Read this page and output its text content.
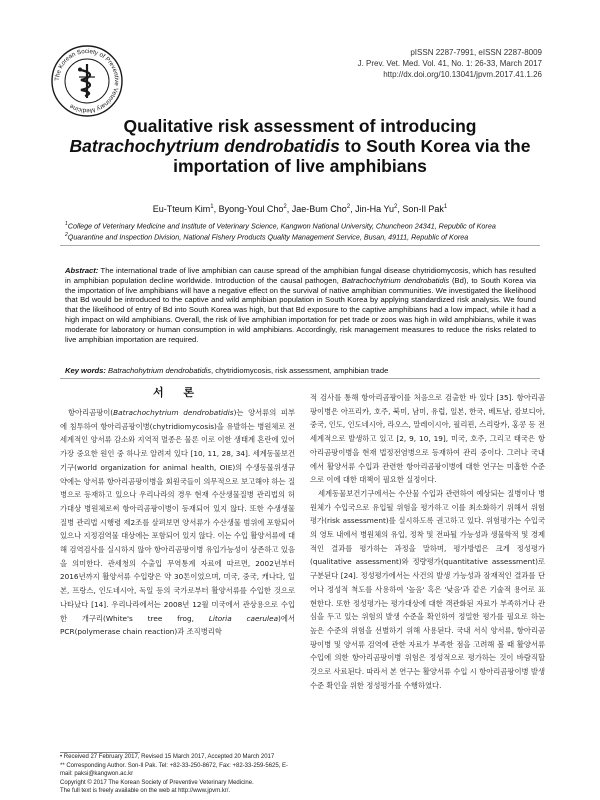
The Korean Society of Preventive Veterinary Medicine
pISSN 2287-7991, eISSN 2287-8009
J. Prev. Vet. Med. Vol. 41, No. 1: 26-33, March 2017
http://dx.doi.org/10.13041/jpvm.2017.41.1.26
Qualitative risk assessment of introducing Batrachochytrium dendrobatidis to South Korea via the importation of live amphibians
Eu-Tteum Kim$^1$, Byong-Youl Cho$^2$, Jae-Bum Cho$^2$, Jin-Ha Yu$^2$, Son-Il Pak$^1$
$^1$College of Veterinary Medicine and Institute of Veterinary Science, Kangwon National University, Chuncheon 24341, Republic of Korea
$^2$Quarantine and Inspection Division, National Fishery Products Quality Management Service, Busan, 49111, Republic of Korea
Abstract: The international trade of live amphibian can cause spread of the amphibian fungal disease chytridiomycosis, which has resulted in amphibian population decline worldwide. Introduction of the causal pathogen, Batrachochytrium dendrobatidis (Bd), to South Korea via the importation of live amphibians will have a negative effect on the survival of native amphibian communities. We investigated the likelihood that Bd would be introduced to the captive and wild amphibian population in South Korea by applying standardized risk analysis. We found that the likelihood of entry of Bd into South Korea was high, but that Bd exposure to the captive amphibians had a low impact, while it had a high impact on wild amphibians. Overall, the risk of live amphibian importation for pet trade or zoos was high in wild amphibians, while it was moderate for laboratory or human consumption in wild amphibians. Accordingly, risk management measures to reduce the risks related to live amphibian importation are required.
Key words: Batrachohytrium dendrobatidis, chytridiomycosis, risk assessment, amphibian trade
서 론

항아리곰팡이(Batrachochytrium dendrobatidis)는 양서류의 피부에 침투하여 항아리곰팡이병(chytridiomycosis)을 유발하는 병원체로 전 세계적인 양서류 감소와 지역적 멸종은 물론 이로 이한 생태계 혼란에 있어 가장 중요한 원인 중 하나로 알려져 있다 [10, 11, 28, 34]. 세계동물보건기구(world organization for animal health, OIE)의 수생동물위생규약에는 양서류 항아리곰팡이병을 회원국들이 의무적으로 보고해야 하는 질병으로 등재하고 있으나 우리나라의 경우 현재 수산생물질병 관리법의 허가대상 병원체로써 항아리곰팡이병이 등재되어 있지 않다. 또한 수생생물질병 관리법 시행령 제2조를 살펴보면 양서류가 수산생물 범위에 포함되어 있으나 지정검역물 대상에는 포함되어 있지 않다. 이는 수입 활양서류에 대해 검역검사를 실시하지 않아 항아리곰팡이병 유입가능성이 상존하고 있음을 의미한다. 관세청의 수출입 무역통계 자료에 따르면, 2002년부터 2016년까지 활양서류 수입량은 약 30톤이었으며, 미국, 중국, 캐나다, 일본, 프랑스, 인도네시아, 독일 등의 국가로부터 활양서류를 수입한 것으로 나타났다 [14]. 우리나라에서는 2008년 12월 미국에서 관상용으로 수입한 개구리(White's tree frog, Litoria caerulea)에서 PCR(polymerase chain reaction)과 조직병리학

적 검사를 통해 항아리곰팡이를 처음으로 검출한 바 있다 [35]. 항아리곰팡이병은 아프리카, 호주, 북미, 남미, 유럽, 일본, 한국, 베트남, 캄보디아, 중국, 인도, 인도네시아, 라오스, 말레이시아, 필리핀, 스리랑카, 홍콩 등 전 세계적으로 발생하고 있고 [2, 9, 10, 19], 미국, 호주, 그리고 태국은 항아리곰팡이병을 현재 법정전염병으로 등재하여 관리 중이다. 그러나 국내에서 활양서류 수입과 관련한 항아리곰팡이병에 대한 연구는 미흡한 수준으로 이에 대한 대책이 필요한 실정이다.

세계동물보건기구에서는 수산물 수입과 관련하여 예상되는 질병이나 병원체가 수입국으로 유입될 위험을 평가하고 이를 최소화하기 위해서 위험평가(risk assessment)를 실시하도록 권고하고 있다. 위험평가는 수입국의 영토 내에서 병원체의 유입, 정착 및 전파될 가능성과 생물학적 및 경제적인 결과를 평가하는 과정을 말하며, 평가방법은 크게 정성평가(qualitative assessment)와 정량평가(quantitative assessment)로 구분된다 [24]. 정성평가에서는 사건의 발생 가능성과 잠재적인 결과를 단어나 정성적 척도를 사용하여 '높음' 혹은 '낮음'과 같은 기술적 용어로 표현한다. 또한 정성평가는 평가대상에 대한 객관화된 자료가 부족하거나 관심을 두고 있는 위험의 발생 수준을 확인하여 정밀한 평가를 필요로 하는 높은 수준의 위험을 선별하기 위해 사용된다. 국내 서식 양서류, 항아리곰팡이병 및 양서류 검역에 관한 자료가 부족한 점을 고려해 볼 때 활양서류 수입에 의한 항아리곰팡이병 위험은 정성적으로 평가하는 것이 바람직할 것으로 사료된다. 따라서 본 연구는 활양서류 수입 시 항아리곰팡이병 발생 수준 확인을 위한 정성평가를 수행하였다.

• Received 27 February 2017, Revised 15 March 2017, Accepted 20 March 2017
** Corresponding Author. Son-Il Pak. Tel: +82-33-250-8672, Fax: +82-33-259-5625, E-mail: paksi@kangwon.ac.kr
Copyright © 2017 The Korean Society of Preventive Veterinary Medicine.
The full text is freely available on the web at http://www.jpvm.kr/.
